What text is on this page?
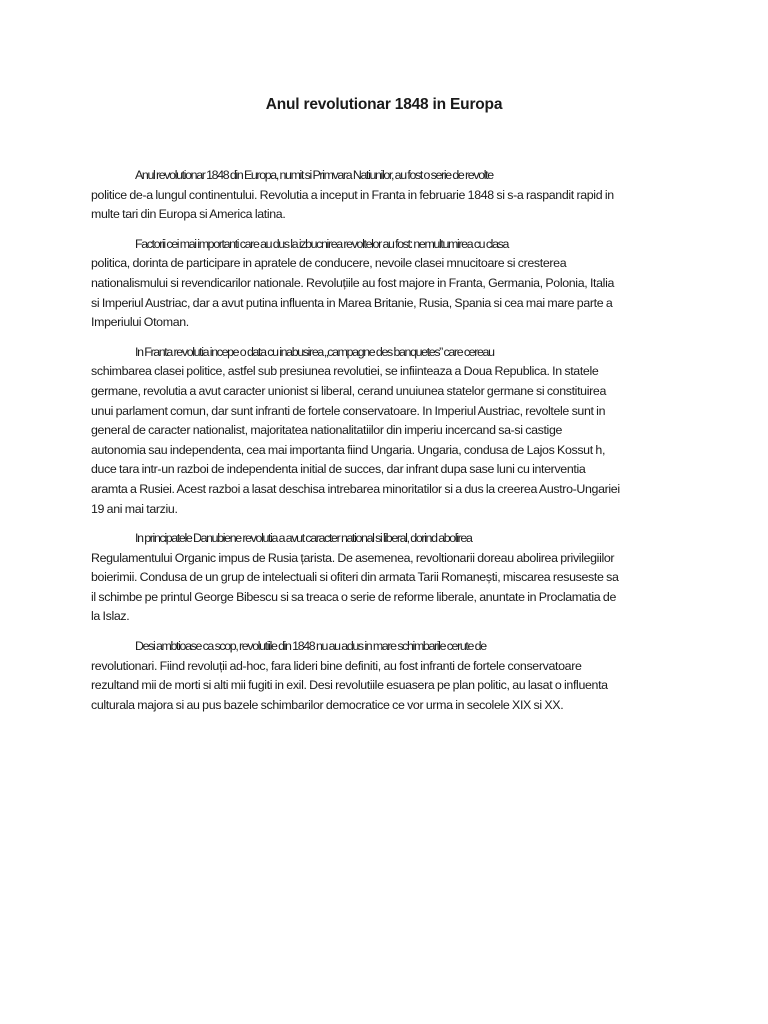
Anul revolutionar 1848 in Europa

Anul revolutionar 1848 din Europa, numit si Primvara Natiunilor, au fost o serie de revolte
politice de-a lungul continentului. Revolutia a inceput in Franta in februarie 1848 si s-a raspandit rapid in
multe tari din Europa si America latina.

Factorii cei mai importanti care au dus la izbucnirea revoltelor au fost: nemultumirea cu clasa
politica, dorinta de participare in apratele de conducere, nevoile clasei mnucitoare si cresterea
nationalismului si revendicarilor nationale. Revoluțiile au fost majore in Franta, Germania, Polonia, Italia
si Imperiul Austriac, dar a avut putina influenta in Marea Britanie, Rusia, Spania si cea mai mare parte a
Imperiului Otoman.

In Franta revolutia incepe o data cu inabusirea „campagne des banquetes” care cereau
schimbarea clasei politice, astfel sub presiunea revolutiei, se infiinteaza a Doua Republica. In statele
germane, revolutia a avut caracter unionist si liberal, cerand unuiunea statelor germane si constituirea
unui parlament comun, dar sunt infranti de fortele conservatoare. In Imperiul Austriac, revoltele sunt in
general de caracter nationalist, majoritatea nationalitatiilor din imperiu incercand sa-si castige
autonomia sau independenta, cea mai importanta fiind Ungaria. Ungaria, condusa de Lajos Kossut h,
duce tara intr-un razboi de independenta initial de succes, dar infrant dupa sase luni cu interventia
aramta a Rusiei. Acest razboi a lasat deschisa intrebarea minoritatilor si a dus la creerea Austro-Ungariei
19 ani mai tarziu.

In principatele Danubiene revolutia a avut caracter national si liberal, dorind abolirea
Regulamentului Organic impus de Rusia țarista. De asemenea, revoltionarii doreau abolirea privilegiilor
boierimii. Condusa de un grup de intelectuali si ofiteri din armata Tarii Romanești, miscarea resuseste sa
il schimbe pe printul George Bibescu si sa treaca o serie de reforme liberale, anuntate in Proclamatia de
la Islaz.

Desi ambtioase ca scop, revolutiile din 1848 nu au adus in mare schimbarile cerute de
revolutionari. Fiind revoluții ad-hoc, fara lideri bine definiti, au fost infranti de fortele conservatoare
rezultand mii de morti si alti mii fugiti in exil. Desi revolutiile esuasera pe plan politic, au lasat o influenta
culturala majora si au pus bazele schimbarilor democratice ce vor urma in secolele XIX si XX.
